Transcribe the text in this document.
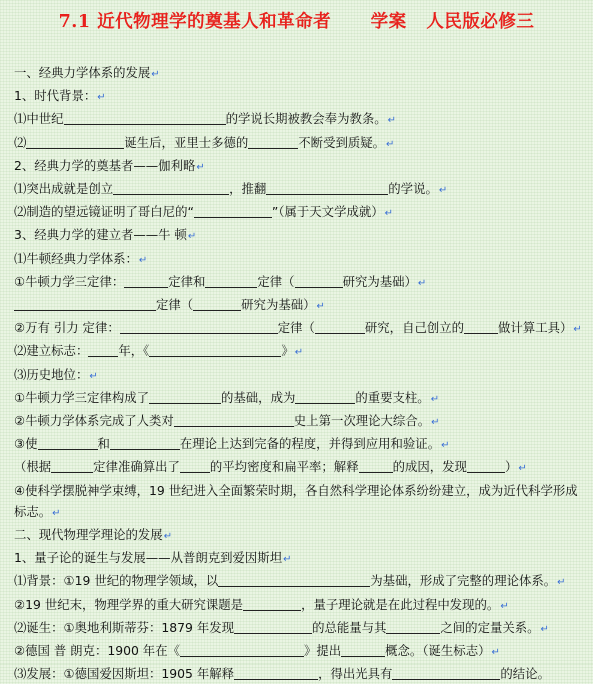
7.1 近代物理学的奠基人和革命者      学案   人民版必修三
一、经典力学体系的发展↵
1、时代背景：↵
⑴中世纪	的学说长期被教会奉为教条。↵
⑵	诞生后，亚里士多德的	不断受到质疑。↵
2、经典力学的奠基者——伽利略↵
⑴突出成就是创立	，推翻	的学说。↵
⑵制造的望远镜证明了哥白尼的“	”（属于天文学成就）↵
3、经典力学的建立者——牛 顿↵
⑴牛顿经典力学体系：↵
①牛顿力学三定律：	定律和	定律（	研究为基础）↵
定律（	研究为基础）↵
②万有 引力 定律：	定律（	研究，自己创立的	做计算工具）↵
⑵建立标志： 年，《	》↵
⑶历史地位：↵
①牛顿力学三定律构成了	的基础，成为	的重要支柱。↵
②牛顿力学体系完成了人类对	史上第一次理论大综合。↵
③使	和	在理论上达到完备的程度，并得到应用和验证。↵
（根据	定律准确算出了 的平均密度和扁平率；解释	的成因，发现	）↵
④使科学摆脱神学束缚，19 世纪进入全面繁荣时期，各自然科学理论体系纷纷建立，成为近代科学形成标志。↵
二、现代物理学理论的发展↵
1、量子论的诞生与发展——从普朗克到爱因斯坦↵
⑴背景：①19 世纪的物理学领域，以	为基础，形成了完整的理论体系。↵
②19 世纪末，物理学界的重大研究课题是	，量子理论就是在此过程中发现的。↵
⑵诞生：①奥地利斯蒂芬：1879 年发现	的总能量与其	之间的定量关系。↵
②德国 普 朗克：1900 年在《	》提出	概念。（诞生标志）↵
⑶发展：①德国爱因斯坦：1905 年解释	，得出光具有	的结论。
